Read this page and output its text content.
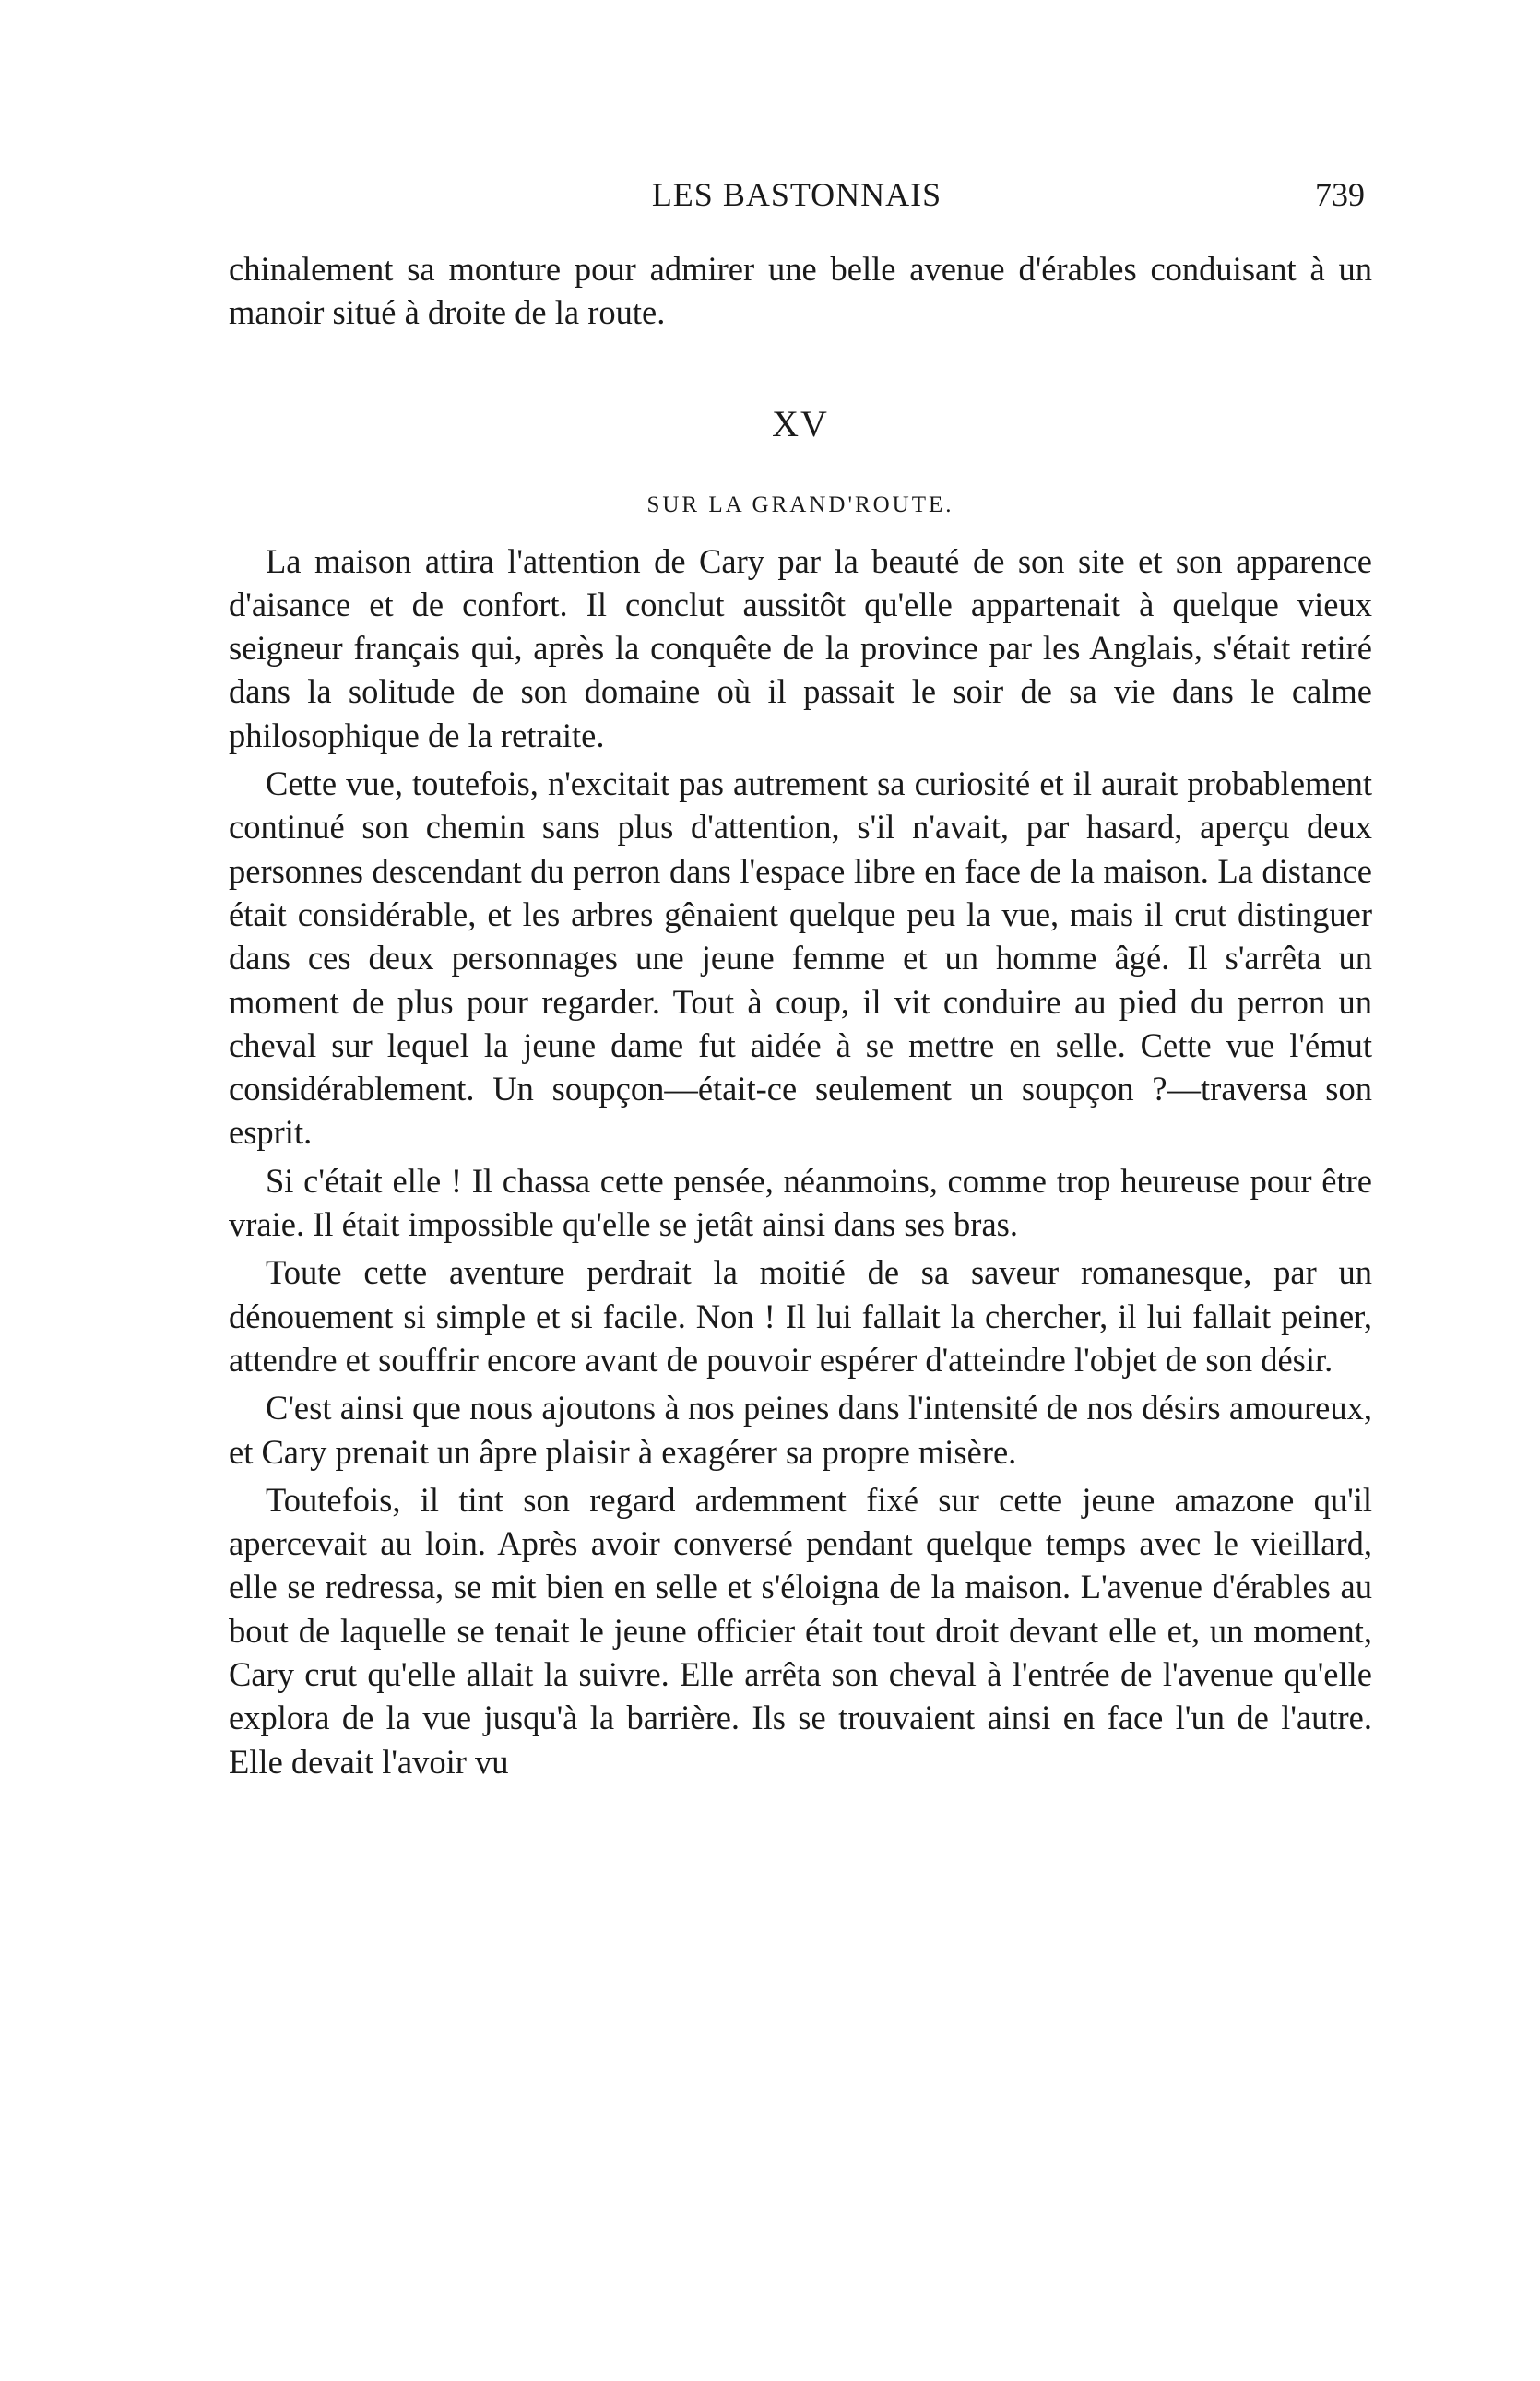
LES BASTONNAIS	739

chinalement sa monture pour admirer une belle avenue d'érables conduisant à un manoir situé à droite de la route.

XV
SUR LA GRAND'ROUTE.

La maison attira l'attention de Cary par la beauté de son site et son apparence d'aisance et de confort. Il conclut aussitôt qu'elle appartenait à quelque vieux seigneur français qui, après la conquête de la province par les Anglais, s'était retiré dans la solitude de son domaine où il passait le soir de sa vie dans le calme philosophique de la retraite.

Cette vue, toutefois, n'excitait pas autrement sa curiosité et il aurait probablement continué son chemin sans plus d'attention, s'il n'avait, par hasard, aperçu deux personnes descendant du perron dans l'espace libre en face de la maison. La distance était considérable, et les arbres gênaient quelque peu la vue, mais il crut distinguer dans ces deux personnages une jeune femme et un homme âgé. Il s'arrêta un moment de plus pour regarder. Tout à coup, il vit conduire au pied du perron un cheval sur lequel la jeune dame fut aidée à se mettre en selle. Cette vue l'émut considérablement. Un soupçon—était-ce seulement un soupçon ?—traversa son esprit.

Si c'était elle ! Il chassa cette pensée, néanmoins, comme trop heureuse pour être vraie. Il était impossible qu'elle se jetât ainsi dans ses bras.

Toute cette aventure perdrait la moitié de sa saveur romanesque, par un dénouement si simple et si facile. Non ! Il lui fallait la chercher, il lui fallait peiner, attendre et souffrir encore avant de pouvoir espérer d'atteindre l'objet de son désir.

C'est ainsi que nous ajoutons à nos peines dans l'intensité de nos désirs amoureux, et Cary prenait un âpre plaisir à exagérer sa propre misère.

Toutefois, il tint son regard ardemment fixé sur cette jeune amazone qu'il apercevait au loin. Après avoir conversé pendant quelque temps avec le vieillard, elle se redressa, se mit bien en selle et s'éloigna de la maison. L'avenue d'érables au bout de laquelle se tenait le jeune officier était tout droit devant elle et, un moment, Cary crut qu'elle allait la suivre. Elle arrêta son cheval à l'entrée de l'avenue qu'elle explora de la vue jusqu'à la barrière. Ils se trouvaient ainsi en face l'un de l'autre. Elle devait l'avoir vu
